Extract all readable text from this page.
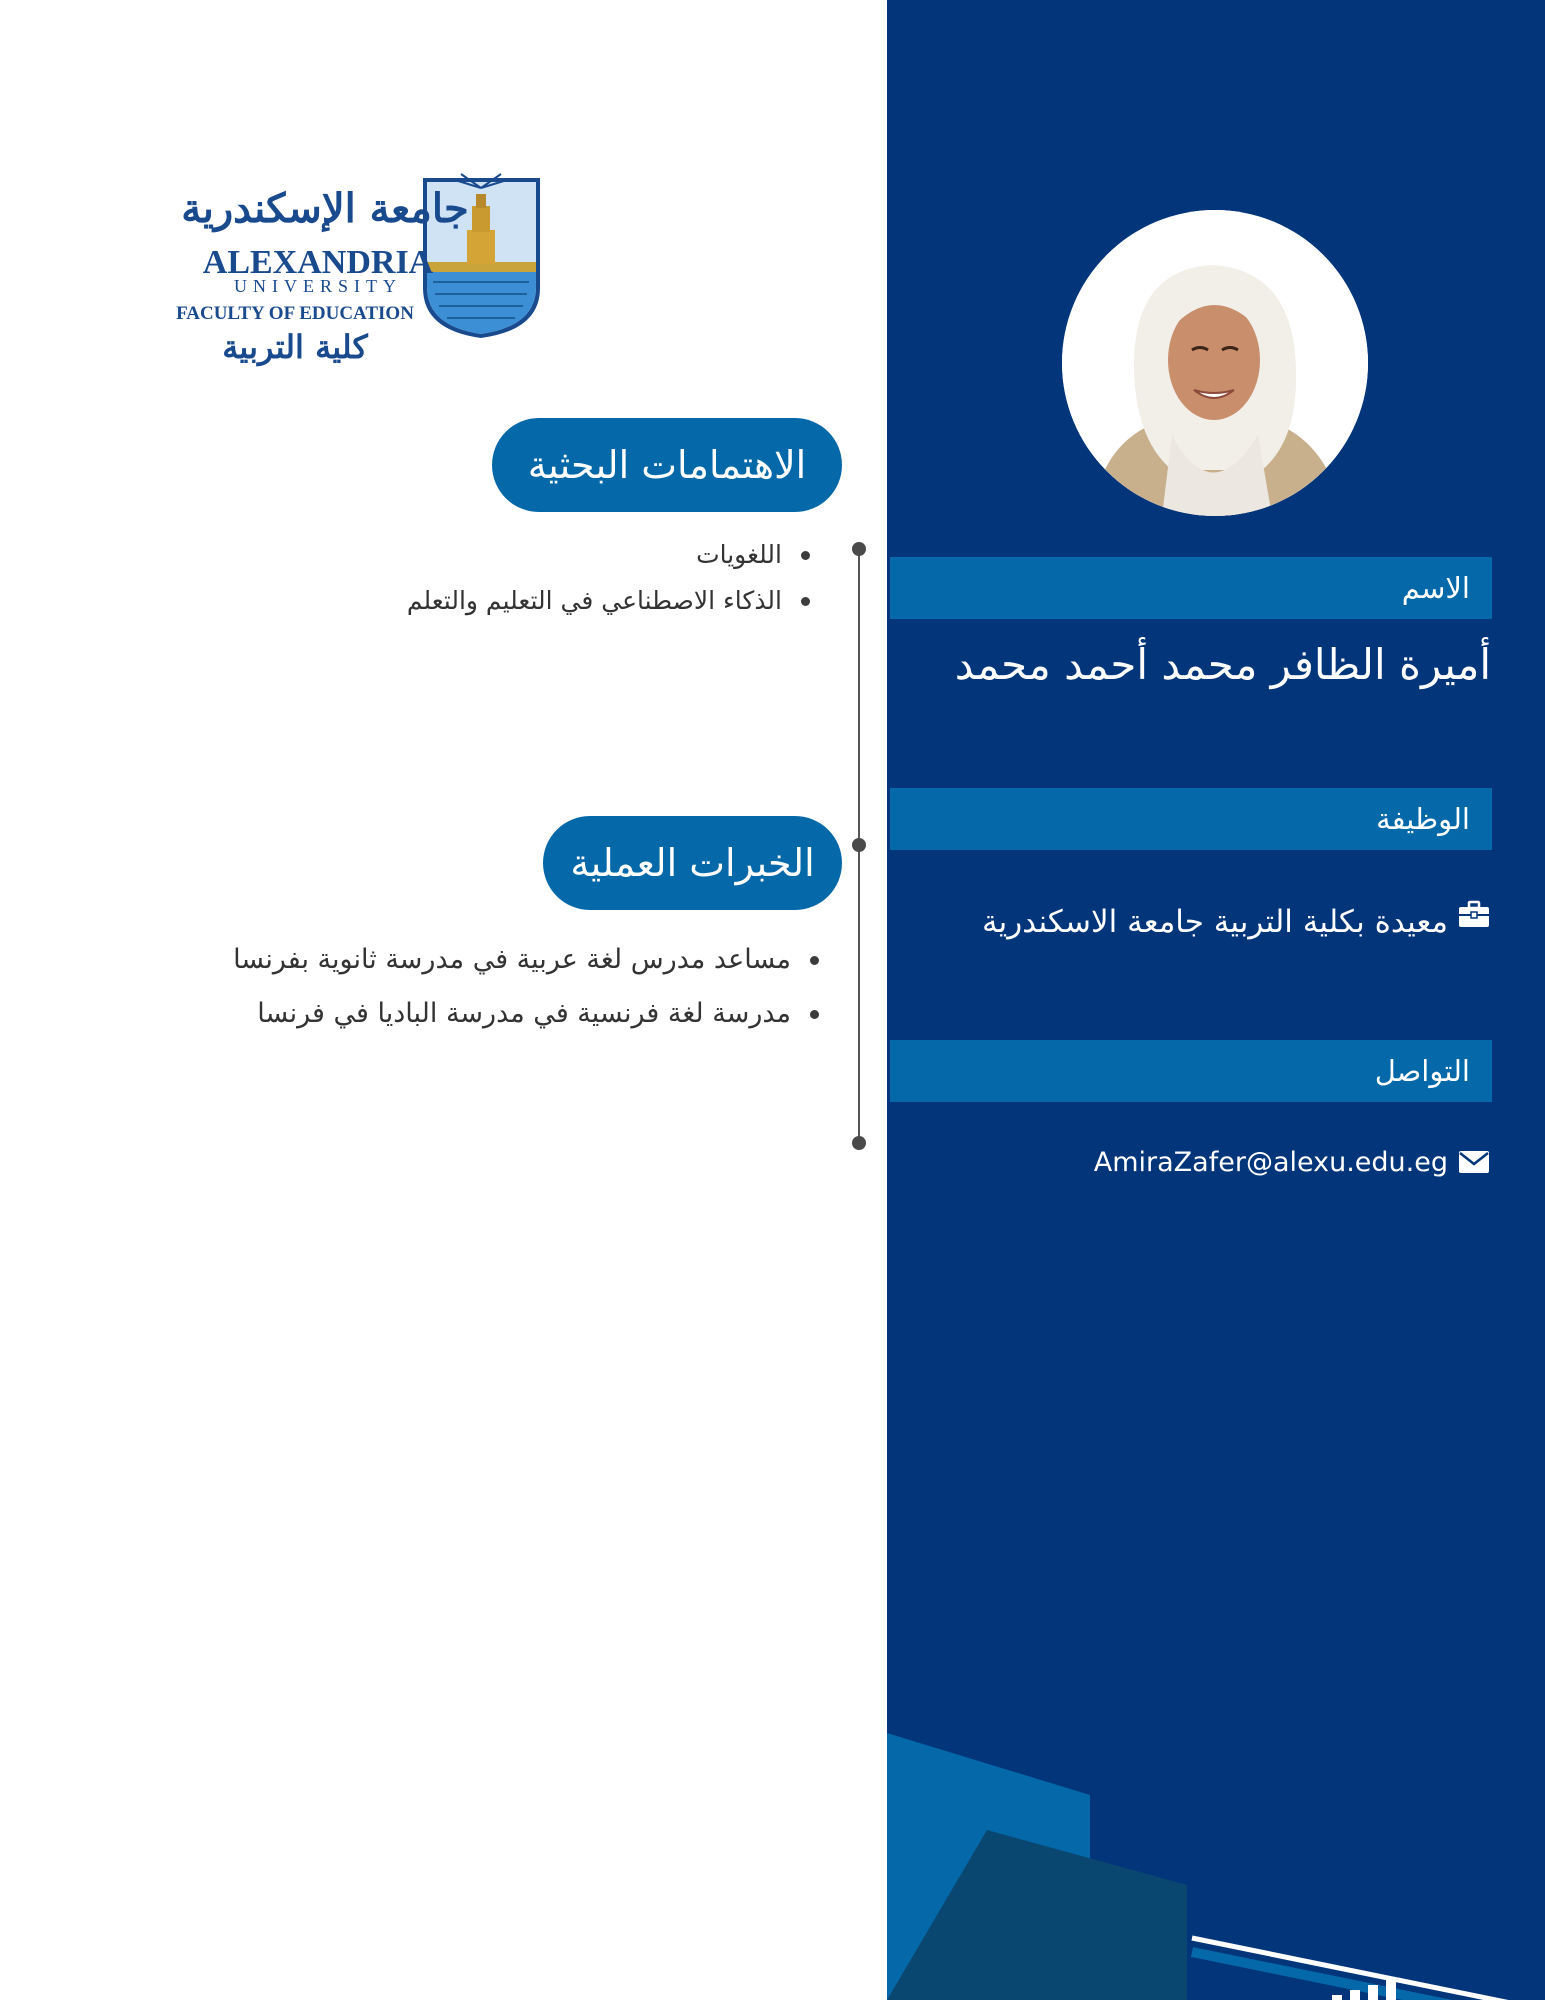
جامعة الإسكندرية
ALEXANDRIA
UNIVERSITY
FACULTY OF EDUCATION
كلية التربية
الاهتمامات البحثية
اللغويات
الذكاء الاصطناعي في التعليم والتعلم
الخبرات العملية
مساعد مدرس لغة عربية في مدرسة ثانوية بفرنسا
مدرسة لغة فرنسية في مدرسة الباديا في فرنسا
الاسم
أميرة الظافر محمد أحمد محمد
الوظيفة
معيدة بكلية التربية جامعة الاسكندرية
التواصل
AmiraZafer@alexu.edu.eg
